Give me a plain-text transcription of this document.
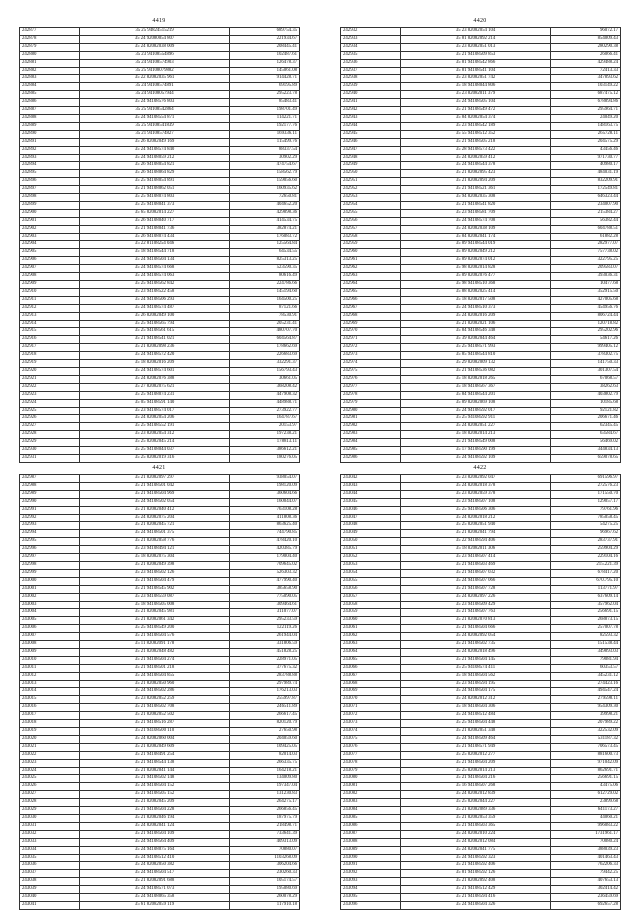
4419
242877	35 25 94824515219	689754.35
242878	35 24 92080054 807	221934.67
242879	35 24 82082038 009	208445.41
242880	35 23 94108554896	102487.61
242881	35 24 94108574903	126478.37
242882	35 25 94108079882	145061.08
242883	35 22 82082035 961	914428.71
242884	35 24 94108574891	69195.89
242885	35 24 94108057944	295223.78
242886	35 24 94108576 803	85483.41
242887	35 25 94108542864	198701.49
242888	35 24 94108554 871	114221.71
242889	35 25 94108541839	192177.76
242890	35 21 94108574827	169336.11
242891	35 26 82082049 169	115499.76
242892	35 24 94108574 840	88337.54
242893	35 24 94108059 212	30902.29
242894	35 26 94108054 821	474754.67
242895	35 26 94108064 829	158562.79
242896	35 25 94108054 891	159056.60
242897	35 21 94108062 051	160935.62
242898	35 25 94108074 803	72650.81
242899	35 25 94108041 373	404652.20
242900	35 65 82082014 227	429898.36
242901	35 26 94108040 717	414534.75
242902	35 21 94108041 736	382874.21
242903	35 26 94108074 434	176083.72
242904	35 22 81108254 046	125564.84
242905	35 18 94108544 718	64534.55
242906	35 24 94108504 134	825313.25
242907	35 24 94108574 668	523590.35
242908	35 24 94108574 063	80616.49
242909	35 25 94108562 842	224786.66
242910	35 23 94108522 458	145194.60
242911	35 24 94108506 293	164500.25
242912	35 24 94108574 487	87121.66
242913	35 26 82082049 100	78530.91
242914	35 25 94108565 794	205231.41
242915	35 25 94108561 615	480707.70
242916	35 21 94108541 021	604564.87
242917	35 21 82082098 236	178662.69
242918	35 24 94108572 420	226683.69
242919	35 18 82082016 209	332291.37
242920	35 24 94108574 601	156793.43
242921	35 24 82082076 388	30661.05
242922	35 27 82082075 621	368208.42
242923	35 25 94108074 231	447908.32
242924	35 05 94108591 140	448988.71
242925	35 23 94108574 017	273922.77
242926	35 24 82082054 206	164787.67
242927	35 25 94108552 191	20153.97
242928	35 23 82082054 312	197238.21
242929	35 25 82082045 214	178813.11
242930	35 25 94108044 037	386612.21
242931	35 25 82082019 316	180276.05
4420
242932	35 23 82082054 104	96072.17
242933	35 81 82082092 214	854009.43
242934	35 23 82082051 013	280290.38
242935	35 21 94108509 853	26066.41
242936	35 81 94108542 866	429488.24
242937	35 81 94108541 104	72413.33
242938	35 23 82082051 742	347893.62
242939	35 18 94108044 806	103149.22
242940	35 23 82082011 379	687475.12
242941	35 24 94108505 104	678894.86
242942	35 21 94108549 472	295964.71
242943	35 84 82082054 374	24049.20
242944	35 23 94108542 189	148163.75
242945	35 55 94108512 352	265728.11
242946	35 21 94108505 218	204575.29
242947	35 28 94108573 422	43456.46
242948	35 24 82082059 412	971730.77
242949	35 24 94108544 378	40980.17
242950	35 21 82082095 423	484031.19
242951	35 21 82082094 209	832209.91
242952	35 21 94108521 361	172549.81
242953	35 94 82082035 308	646323.44
242954	35 21 94108541 820	234007.90
242955	35 23 94108581 709	215384.27
242956	35 24 94108574 708	56382.44
242957	35 24 82082038 109	604788.51
242958	35 84 82082041 174	61882.28
242959	35 89 94108544 019	282977.07
242960	35 89 82082049 212	757738.02
242961	35 89 82082074 012	322795.25
242962	35 98 82082014 828	209583.07
242963	35 89 82082076 477	393036.31
242964	35 98 94108510 368	10477.68
242965	35 88 82082025 414	352915.50
242966	35 18 82082017 508	427005.68
242967	35 24 94108510 373	454956.76
242968	35 24 82082016 209	806724.44
242969	35 21 82082021 106	120718.82
242970	35 84 94108546 348	295202.96
242971	35 39 82082044 464	54617.26
242972	35 25 94108571 993	999405.12
242973	35 85 94108544 810	378302.75
242974	35 29 82082009 132	141750.33
242975	35 21 94108536 082	301307.54
242976	35 18 82082018 265	67068.57
242977	35 18 94108567 367	38262.63
242978	35 84 94108544 201	403802.79
242979	35 89 82082069 108	10185.68
242980	35 24 94108592 017	92121.82
242981	35 25 94108592 911	206671.46
242982	35 24 82082051 227	62345.45
242983	35 18 82082014 213	63584.67
242984	35 21 94108549 008	56469.02
242985	35 17 94108590 199	344834.13
242986	35 24 94108592 109	659078.65
4421
242987	35 21 82082097 297	938054.07
242988	35 21 94108501 042	198120.09
242989	35 21 94108504 969	360604.66
242990	35 24 94108502 054	160044.07
242991	35 21 82082040 412	763108.28
242992	35 24 82082075 204	411808.36
242993	35 21 82082045 721	863625.40
242994	35 24 94108501 375	744790.85
242995	35 21 82082058 776	478420.10
242996	35 23 94108494 121	420385.79
242997	35 18 82082075 304	179004.40
242998	35 21 82082049 398	709645.02
242999	35 23 94108502 126	526303.32
243000	35 21 94108504 479	477990.40
243001	35 21 94108545 902	385658.90
243002	35 23 94108559 087	775090.05
243003	35 18 94108505 008	309464.61
243004	35 21 82082045 981	311077.07
243005	35 21 82082061 342	295233.59
243006	35 25 94108549 200	122119.26
243007	35 21 94108504 576	261944.04
243008	35 11 82082091 178	331806.59
243009	35 21 82082048 482	451828.25
243010	35 21 94108504 274	228971.05
243011	35 21 94108501 218	377675.32
243012	35 24 94108504 855	283788.88
243013	35 21 82082050 960	297989.74
243014	35 24 94108502 286	176213.03
243015	35 23 82082052 259	255997.87
243016	35 21 94108502 708	246511.89
243017	35 21 82082052 502	266617.45
243018	35 21 94108516 287	820120.79
243019	35 21 94108500 110	27650.98
243020	35 24 82082060 004	204059.60
243021	35 21 82082049 609	109425.05
243022	35 21 94108491 254	82014.03
243023	35 21 94108544 138	266335.75
243024	35 21 82082041 144	164218.21
243025	35 21 94108502 148	134009.80
243026	35 24 94108504 152	197347.04
243027	35 21 94108505 152	131230.83
243028	35 21 82082045 209	264275.17
243029	35 21 94108504 228	266856.45
243030	35 21 82082046 194	187975.79
243031	35 24 82082041 124	218498.71
243032	35 21 94108504 109	733641.39
243033	35 24 94108564 409	409313.09
243034	35 24 94108075 164	70880.07
243035	35 24 94108512 410	1103268.09
243036	35 24 82082050 382	306204.66
243037	35 24 94108504 517	230260.33
243038	35 21 82082091 688	105174.57
243039	35 24 94108571 073	195080.69
243040	35 24 94108065 358	260078.29
243041	35 61 82082059 119	117910.18
4422
243042	35 23 82082092 047	691596.97
243043	35 24 82082018 378	272576.23
243044	35 23 82082059 378	171550.70
243045	35 23 94108507 108	129057.17
243046	35 25 94108506 306	79761.96
243047	35 24 82082018 212	785058.45
243048	35 25 82082051 940	54275.25
243049	35 21 82082041 794	96967.62
243050	35 22 94108594 406	283737.91
243051	35 18 82082011 306	259904.29
243052	35 23 94108507 414	229104.16
243053	35 21 94108503 469	215.221.39
243054	35 21 94108507 032	678417.20
243055	35 24 94108507 066	670.795.10
243056	35 21 94108507 728	113771.97
243057	35 24 82082097 226	637609.14
243058	35 23 94108509 429	357962.04
243059	35 21 94108507 763	256691.15
243060	35 21 82082070 813	268873.15
243061	35 21 94108504 666	257007.78
243062	35 24 82082092 054	82593.32
243063	35 21 94108502 735	151538.44
243064	35 24 82082018 496	349893.03
243065	35 21 94108504 145	79081.94
243066	35 25 94108574 411	60353.57
243067	35 18 94108504 562	345231.12
243068	35 23 94108594 195	274423.16
243069	35 24 94108504 175	494547.24
243070	35 24 82082012 312	279598.11
243071	35 18 94108504 306	954309.30
243072	35 24 94108512 484	39998.21
243073	35 25 94108504 448	207989.22
243074	35 21 82082051 348	322532.09
243075	35 24 94108509 464	531187.32
243076	35 21 94108571 949	706573.45
243077	35 25 82082012 277	881600.73
243078	35 21 94108504 209	971042.09
243079	35 25 82082014 213	862691.71
243080	35 21 94108504 216	256691.15
243081	35 16 94108507 268	43475.06
243082	35 24 82082012 839	612729.02
243083	35 25 82082044 227	23899.68
243084	35 21 82082089 336	641173.27
243085	35 21 82082053 359	44060.21
243086	35 21 94108503 365	996083.22
243087	35 24 82082010 224	1731961.17
243088	35 24 82082012 084	70080.24
243089	35 24 82082041 775	388039.23
243090	35 24 94108592 323	401463.43
243091	35 21 94108592 406	762206.33
243092	35 81 94108592 126	79442.25
243093	35 21 82082092 408	407653.13
243094	35 21 94108512 429	302414.42
243095	35 21 94108594 416	236459.69
243096	35 24 94108504 326	692657.28
